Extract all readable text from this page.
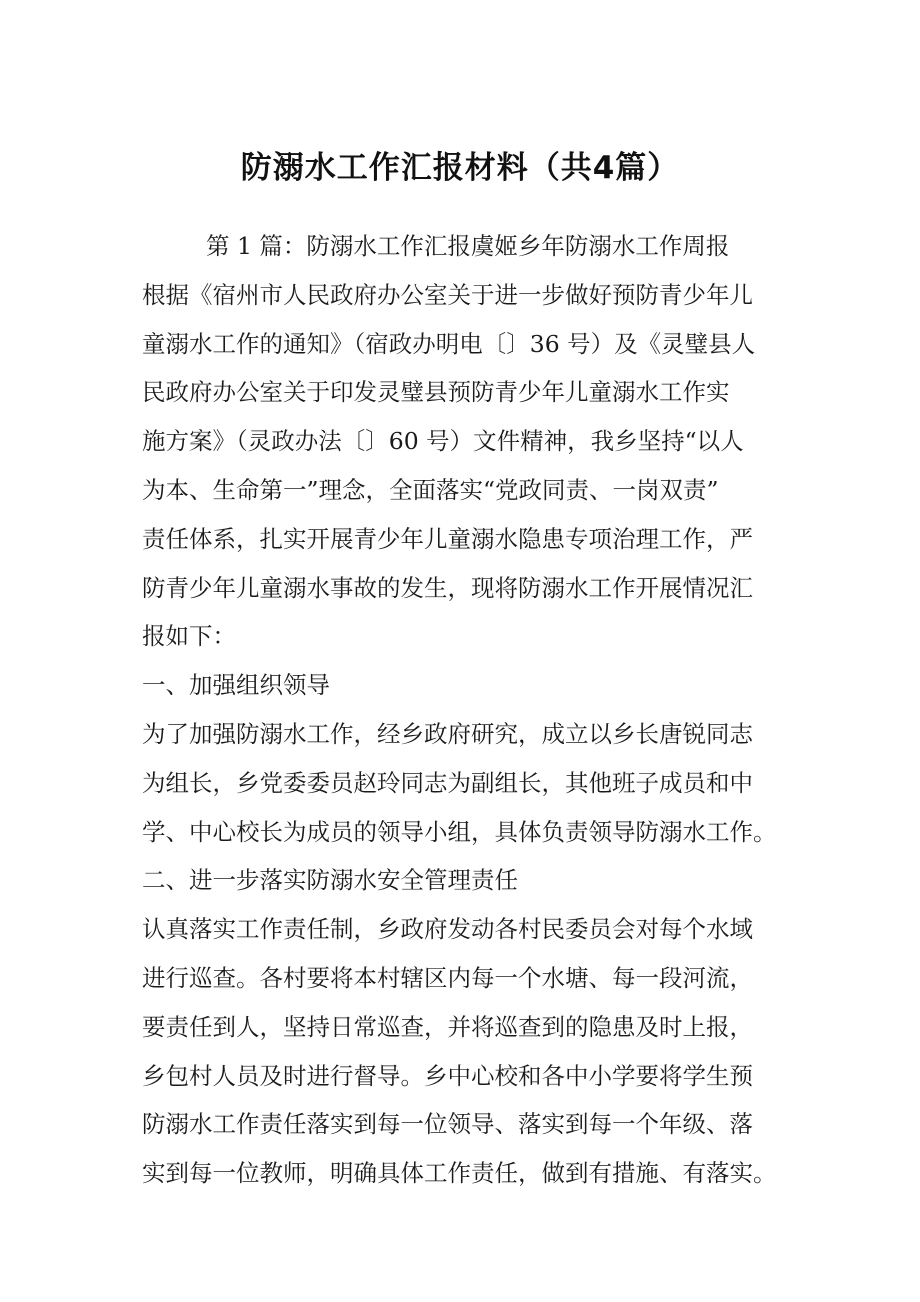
防溺水工作汇报材料（共4篇）
第 1 篇：防溺水工作汇报虞姬乡年防溺水工作周报
根据《宿州市人民政府办公室关于进一步做好预防青少年儿
童溺水工作的通知》（宿政办明电〔〕36 号）及《灵璧县人
民政府办公室关于印发灵璧县预防青少年儿童溺水工作实
施方案》（灵政办法〔〕60 号）文件精神，我乡坚持“以人
为本、生命第一”理念，全面落实“党政同责、一岗双责”
责任体系，扎实开展青少年儿童溺水隐患专项治理工作，严
防青少年儿童溺水事故的发生，现将防溺水工作开展情况汇
报如下：
一、加强组织领导
为了加强防溺水工作，经乡政府研究，成立以乡长唐锐同志
为组长，乡党委委员赵玲同志为副组长，其他班子成员和中
学、中心校长为成员的领导小组，具体负责领导防溺水工作。
二、进一步落实防溺水安全管理责任
认真落实工作责任制，乡政府发动各村民委员会对每个水域
进行巡查。各村要将本村辖区内每一个水塘、每一段河流，
要责任到人，坚持日常巡查，并将巡查到的隐患及时上报，
乡包村人员及时进行督导。乡中心校和各中小学要将学生预
防溺水工作责任落实到每一位领导、落实到每一个年级、落
实到每一位教师，明确具体工作责任，做到有措施、有落实。
